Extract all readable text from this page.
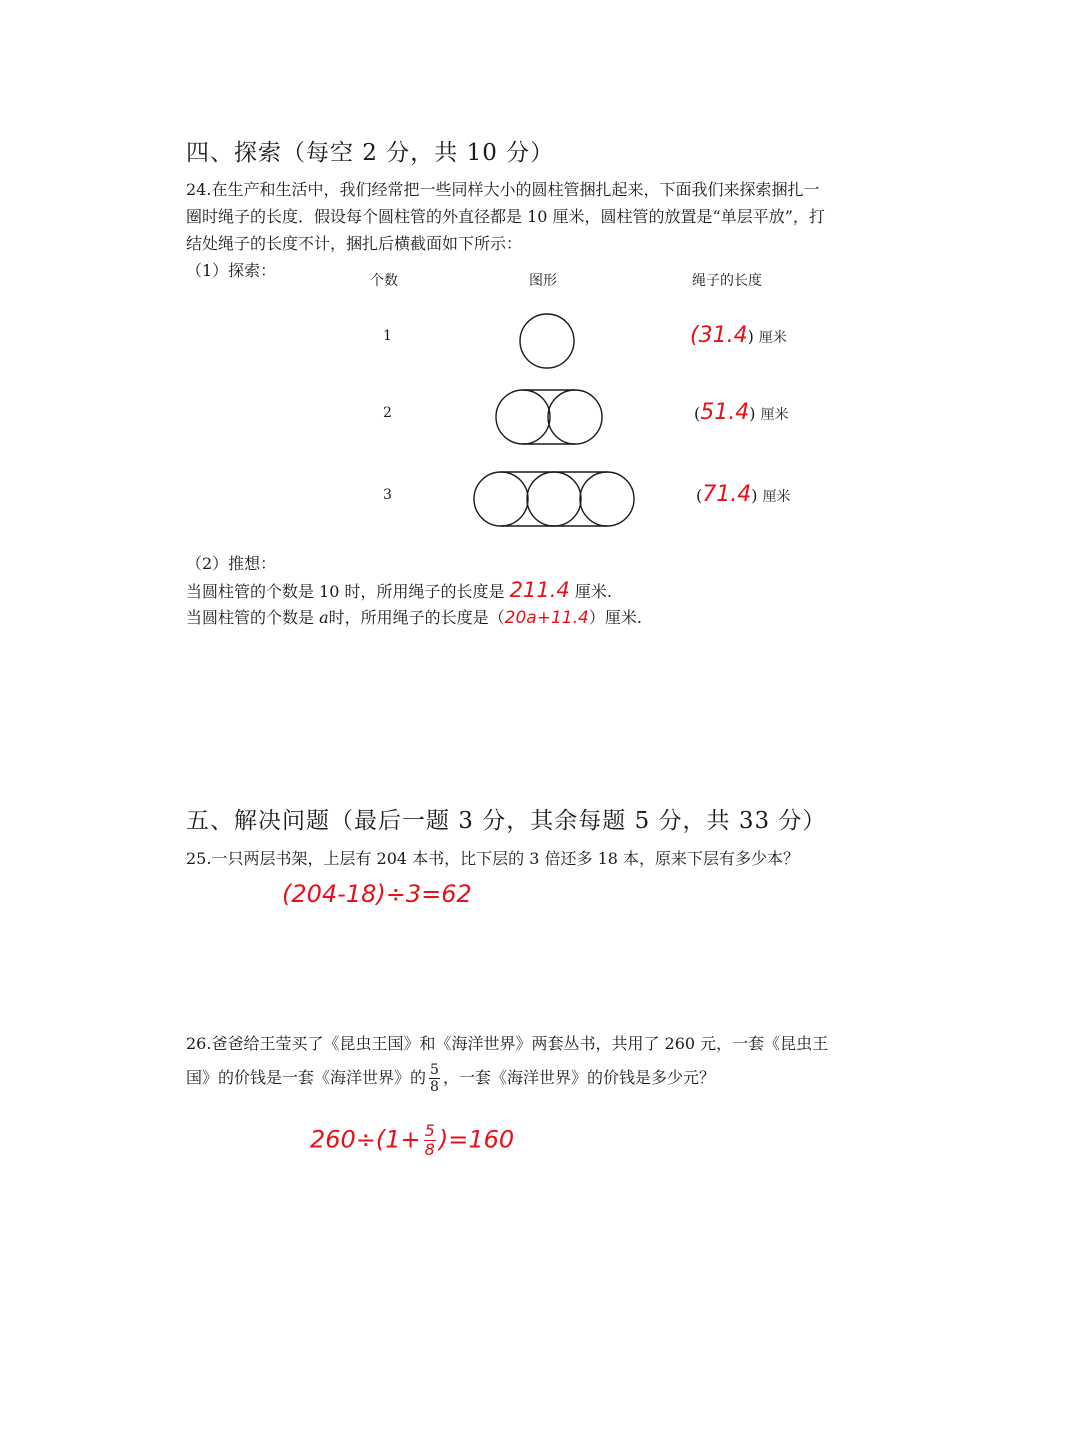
四、探索（每空 2 分，共 10 分）
24.在生产和生活中，我们经常把一些同样大小的圆柱管捆扎起来，下面我们来探索捆扎一
圈时绳子的长度．假设每个圆柱管的外直径都是 10 厘米，圆柱管的放置是“单层平放”，打
结处绳子的长度不计，捆扎后横截面如下所示：
（1）探索：
个数	图形	绳子的长度
1	(31.4) 厘米
2	(51.4) 厘米
3	(71.4) 厘米
（2）推想：
当圆柱管的个数是 10 时，所用绳子的长度是 211.4 厘米.
当圆柱管的个数是 a时，所用绳子的长度是（20a+11.4）厘米.
五、解决问题（最后一题 3 分，其余每题 5 分，共 33 分）
25.一只两层书架，上层有 204 本书，比下层的 3 倍还多 18 本，原来下层有多少本？
(204-18)÷3=62
26.爸爸给王莹买了《昆虫王国》和《海洋世界》两套丛书，共用了 260 元，一套《昆虫王
国》的价钱是一套《海洋世界》的 $\frac{5}{8}$ ，一套《海洋世界》的价钱是多少元？
$260\div(1+ \frac{5}{8} )=160$
